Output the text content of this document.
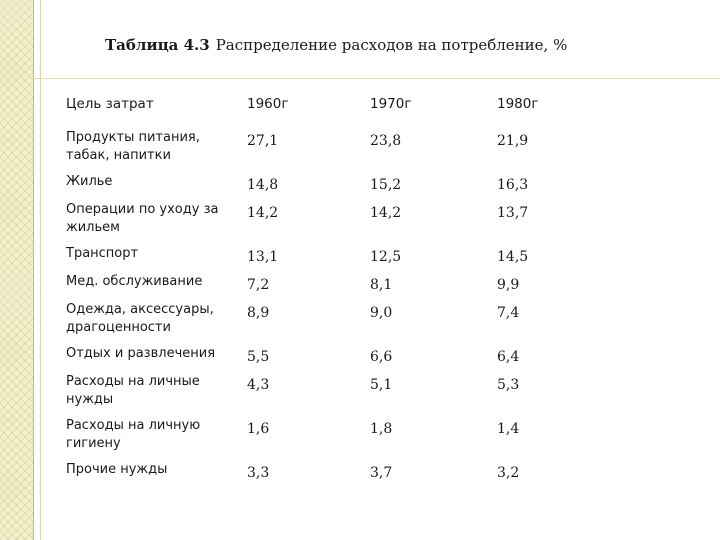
Таблица 4.3 Распределение расходов на потребление, %
Цель затрат	1960г	1970г	1980г
Продукты питания, табак, напитки	27,1	23,8	21,9
Жилье	14,8	15,2	16,3
Операции по уходу за жильем	14,2	14,2	13,7
Транспорт	13,1	12,5	14,5
Мед. обслуживание	7,2	8,1	9,9
Одежда, аксессуары, драгоценности	8,9	9,0	7,4
Отдых и развлечения	5,5	6,6	6,4
Расходы на личные нужды	4,3	5,1	5,3
Расходы на личную гигиену	1,6	1,8	1,4
Прочие нужды	3,3	3,7	3,2
